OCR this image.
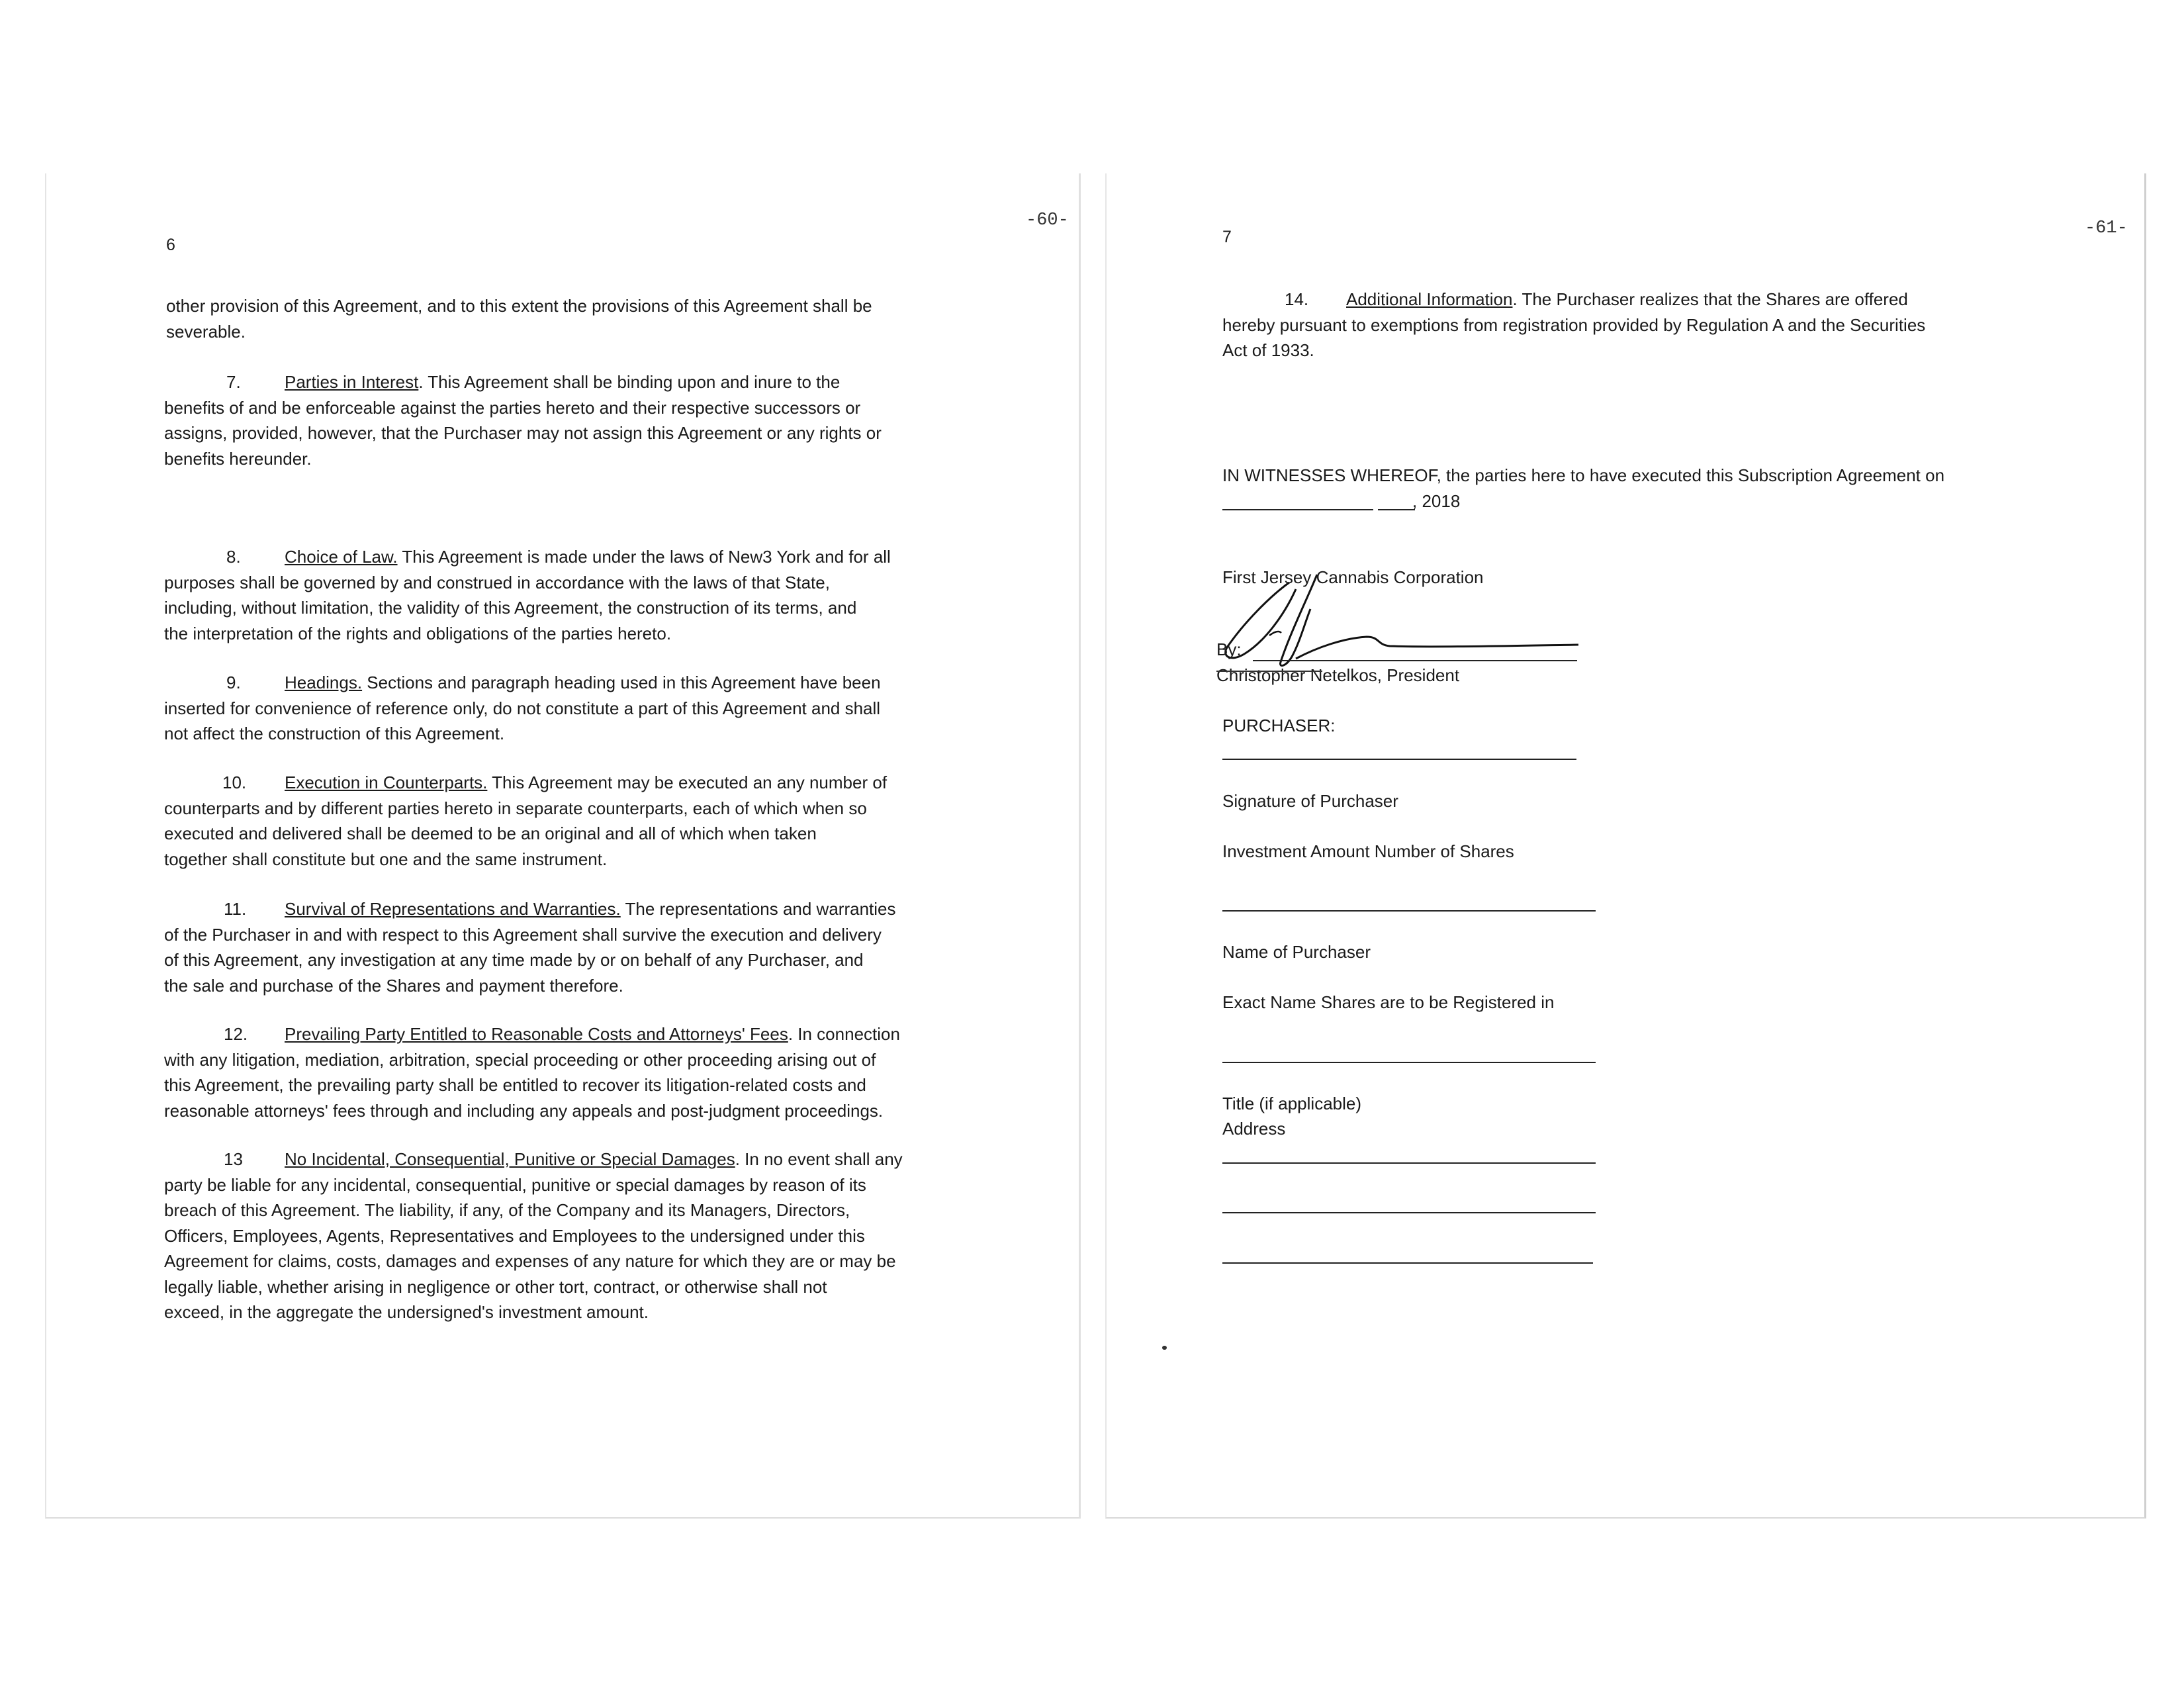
6
-60-
other provision of this Agreement, and to this extent the provisions of this Agreement shall be
severable.
7.	Parties in Interest. This Agreement shall be binding upon and inure to the
benefits of and be enforceable against the parties hereto and their respective successors or
assigns, provided, however, that the Purchaser may not assign this Agreement or any rights or
benefits hereunder.
8.	Choice of Law. This Agreement is made under the laws of New3 York and for all
purposes shall be governed by and construed in accordance with the laws of that State,
including, without limitation, the validity of this Agreement, the construction of its terms, and
the interpretation of the rights and obligations of the parties hereto.
9.	Headings. Sections and paragraph heading used in this Agreement have been
inserted for convenience of reference only, do not constitute a part of this Agreement and shall
not affect the construction of this Agreement.
10. Execution in Counterparts. This Agreement may be executed an any number of
counterparts and by different parties hereto in separate counterparts, each of which when so
executed and delivered shall be deemed to be an original and all of which when taken
together shall constitute but one and the same instrument.
11. Survival of Representations and Warranties. The representations and warranties
of the Purchaser in and with respect to this Agreement shall survive the execution and delivery
of this Agreement, any investigation at any time made by or on behalf of any Purchaser, and
the sale and purchase of the Shares and payment therefore.
12. Prevailing Party Entitled to Reasonable Costs and Attorneys' Fees. In connection
with any litigation, mediation, arbitration, special proceeding or other proceeding arising out of
this Agreement, the prevailing party shall be entitled to recover its litigation-related costs and
reasonable attorneys' fees through and including any appeals and post-judgment proceedings.
13 No Incidental, Consequential, Punitive or Special Damages. In no event shall any
party be liable for any incidental, consequential, punitive or special damages by reason of its
breach of this Agreement. The liability, if any, of the Company and its Managers, Directors,
Officers, Employees, Agents, Representatives and Employees to the undersigned under this
Agreement for claims, costs, damages and expenses of any nature for which they are or may be
legally liable, whether arising in negligence or other tort, contract, or otherwise shall not
exceed, in the aggregate the undersigned's investment amount.
7	-61-
14. Additional Information. The Purchaser realizes that the Shares are offered
hereby pursuant to exemptions from registration provided by Regulation A and the Securities
Act of 1933.
IN WITNESSES WHEREOF, the parties here to have executed this Subscription Agreement on
, 2018
First Jersey Cannabis Corporation
By:
Christopher Netelkos, President
PURCHASER:
Signature of Purchaser
Investment Amount Number of Shares
Name of Purchaser
Exact Name Shares are to be Registered in
Title (if applicable)
Address
